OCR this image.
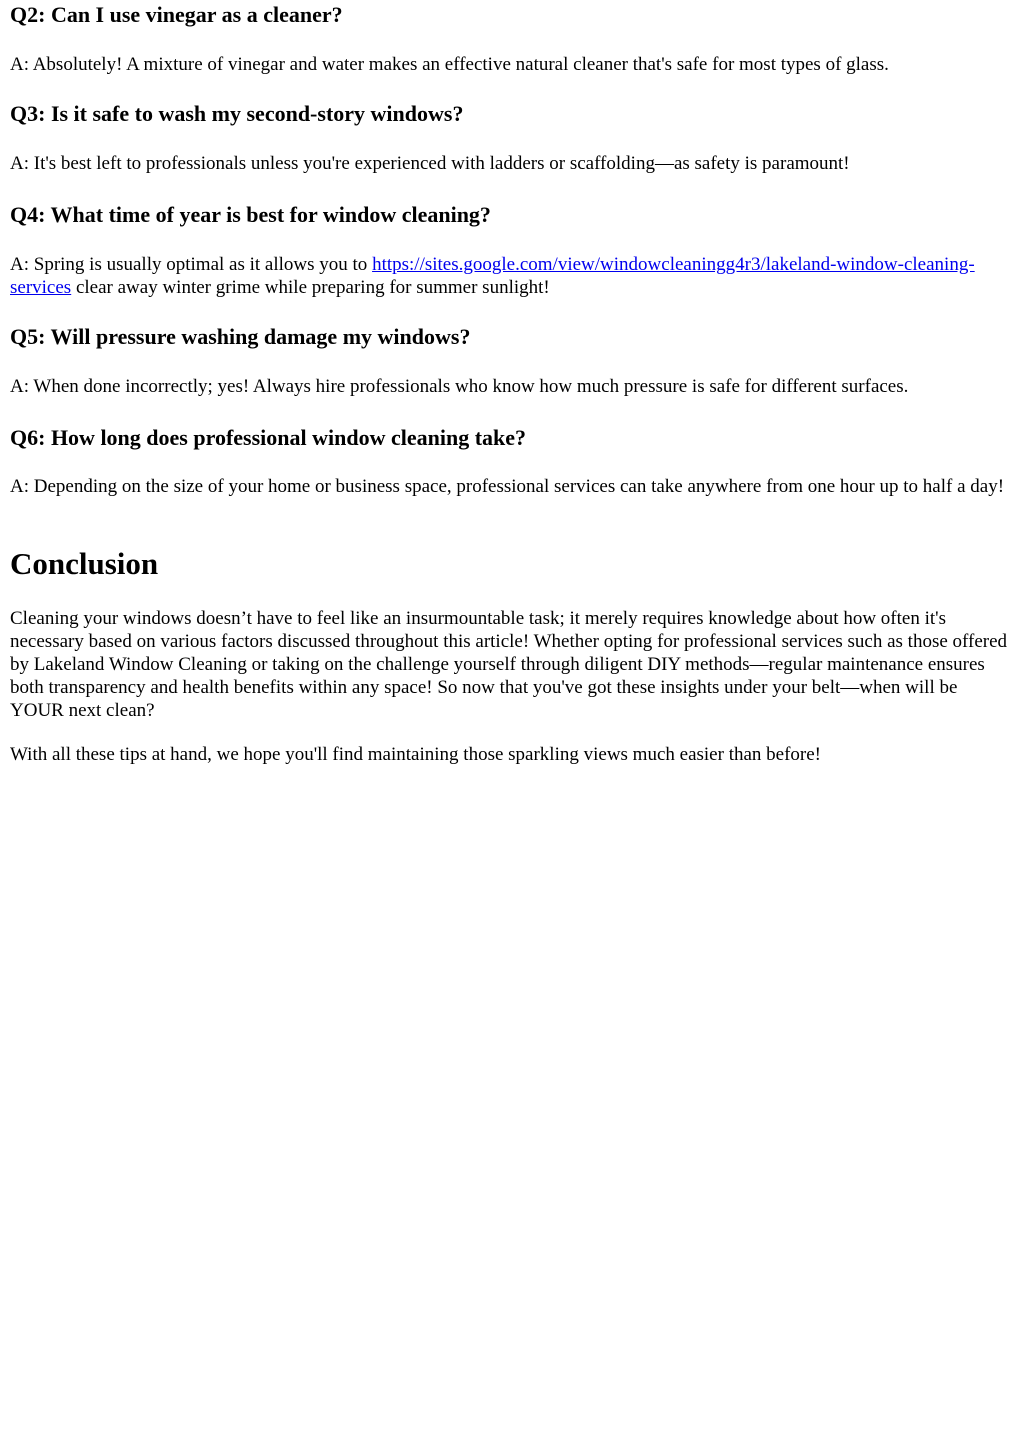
Q2: Can I use vinegar as a cleaner?

A: Absolutely! A mixture of vinegar and water makes an effective natural cleaner that's safe for most types of glass.

Q3: Is it safe to wash my second-story windows?

A: It's best left to professionals unless you're experienced with ladders or scaffolding—as safety is paramount!

Q4: What time of year is best for window cleaning?

A: Spring is usually optimal as it allows you to https://sites.google.com/view/windowcleaningg4r3/lakeland-window-cleaning-services clear away winter grime while preparing for summer sunlight!

Q5: Will pressure washing damage my windows?

A: When done incorrectly; yes! Always hire professionals who know how much pressure is safe for different surfaces.

Q6: How long does professional window cleaning take?

A: Depending on the size of your home or business space, professional services can take anywhere from one hour up to half a day!

Conclusion

Cleaning your windows doesn’t have to feel like an insurmountable task; it merely requires knowledge about how often it's necessary based on various factors discussed throughout this article! Whether opting for professional services such as those offered by Lakeland Window Cleaning or taking on the challenge yourself through diligent DIY methods—regular maintenance ensures both transparency and health benefits within any space! So now that you've got these insights under your belt—when will be YOUR next clean?

With all these tips at hand, we hope you'll find maintaining those sparkling views much easier than before!
